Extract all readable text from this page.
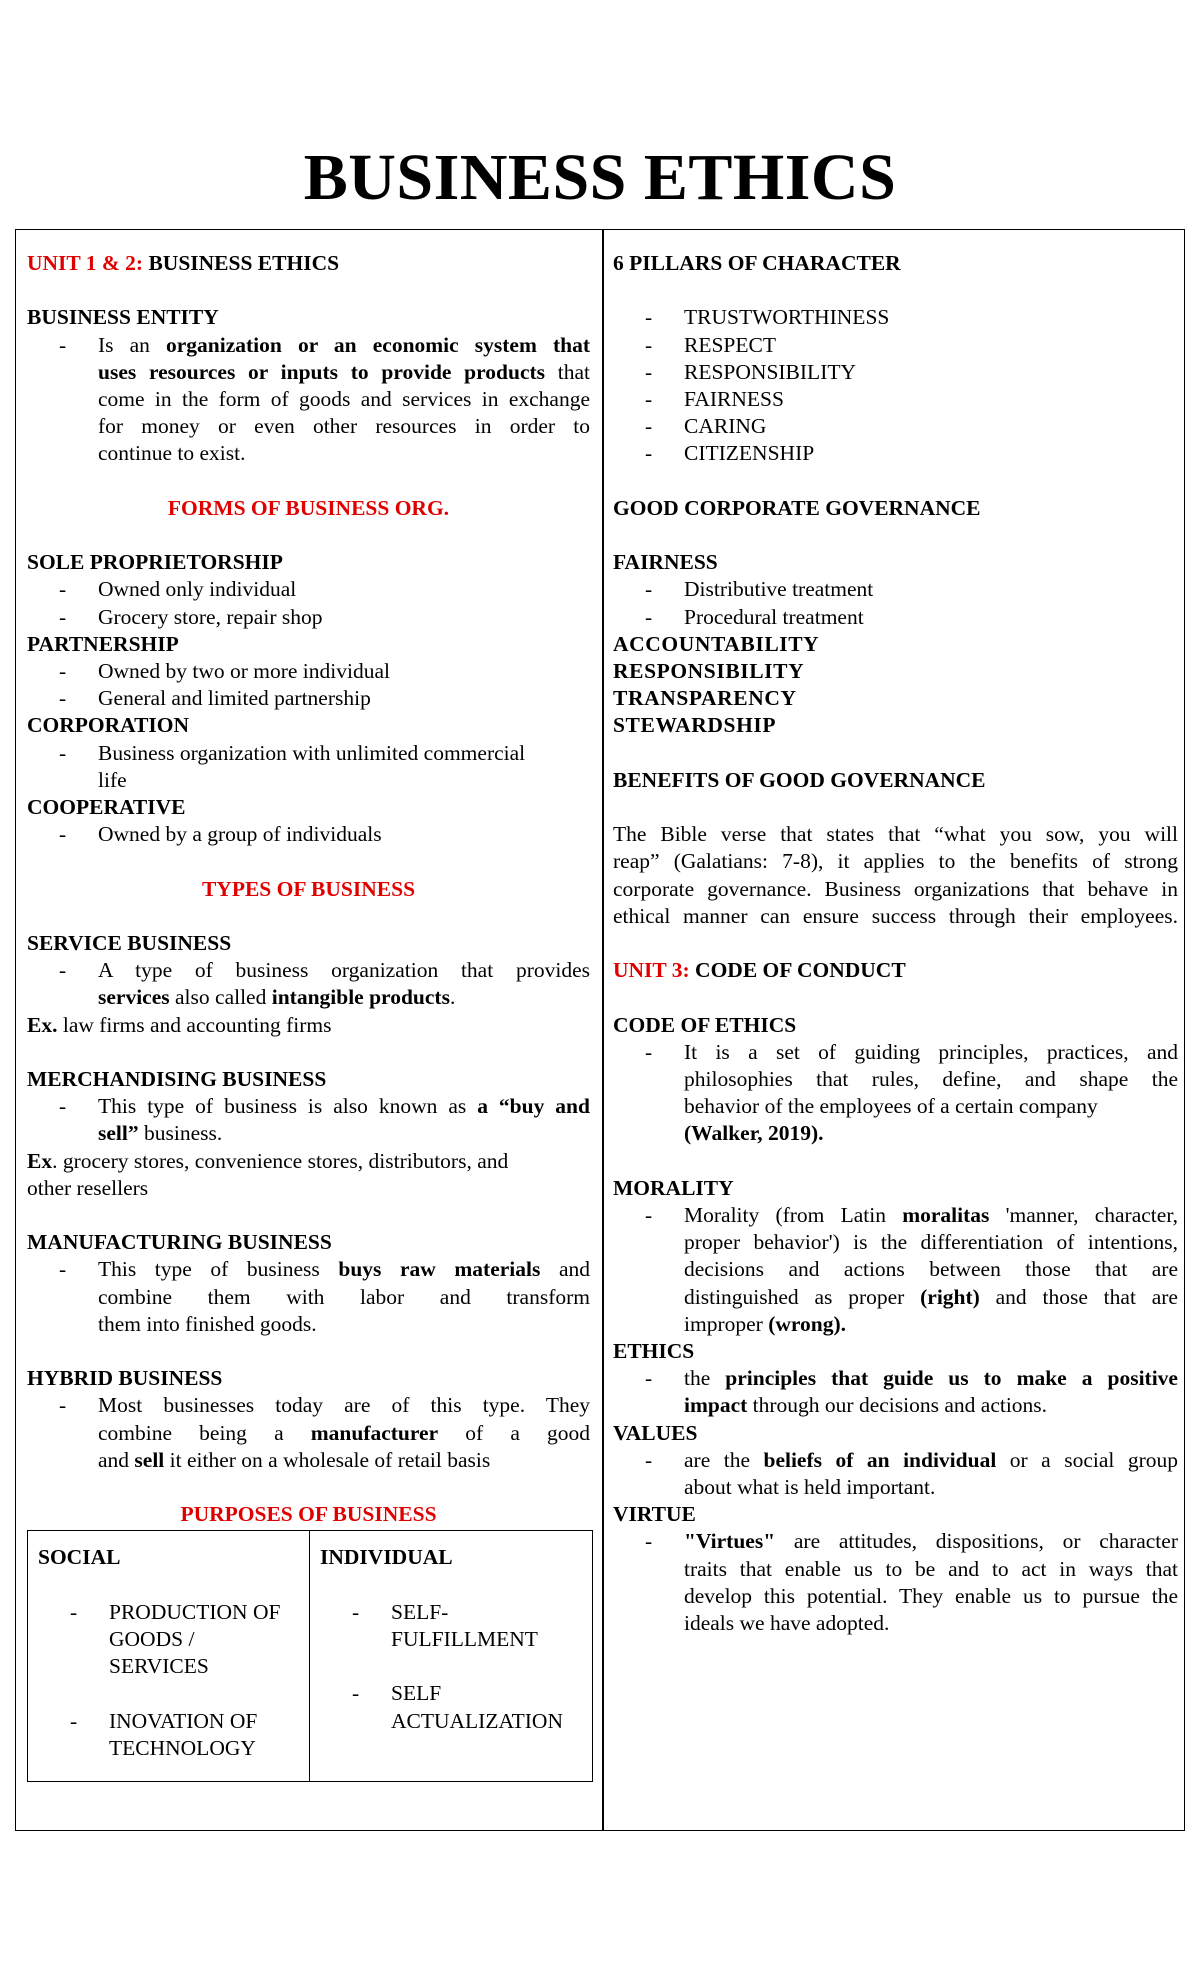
BUSINESS ETHICS

UNIT 1 & 2: BUSINESS ETHICS

BUSINESS ENTITY

- Is an organization or an economic system that
uses resources or inputs to provide products that
come in the form of goods and services in exchange
for money or even other resources in order to
continue to exist.

FORMS OF BUSINESS ORG.

SOLE PROPRIETORSHIP

- Owned only individual
- Grocery store, repair shop

PARTNERSHIP

- Owned by two or more individual
- General and limited partnership

CORPORATION

- Business organization with unlimited commercial
life

COOPERATIVE

- Owned by a group of individuals

TYPES OF BUSINESS

SERVICE BUSINESS

- A type of business organization that provides
services also called intangible products.

Ex. law firms and accounting firms

MERCHANDISING BUSINESS

- This type of business is also known as a “buy and
sell” business.

Ex. grocery stores, convenience stores, distributors, and

other resellers

MANUFACTURING BUSINESS

- This type of business buys raw materials and
combine them with labor and transform
them into finished goods.

HYBRID BUSINESS

- Most businesses today are of this type. They
combine being a manufacturer of a good
and sell it either on a wholesale of retail basis

PURPOSES OF BUSINESS

SOCIAL

- PRODUCTION OF
GOODS /
SERVICES
- INOVATION OF
TECHNOLOGY

INDIVIDUAL

- SELF-
FULFILLMENT
- SELF
ACTUALIZATION

6 PILLARS OF CHARACTER

- TRUSTWORTHINESS
- RESPECT
- RESPONSIBILITY
- FAIRNESS
- CARING
- CITIZENSHIP

GOOD CORPORATE GOVERNANCE

FAIRNESS

- Distributive treatment
- Procedural treatment

ACCOUNTABILITY

RESPONSIBILITY

TRANSPARENCY

STEWARDSHIP

BENEFITS OF GOOD GOVERNANCE

The Bible verse that states that “what you sow, you will
reap” (Galatians: 7-8), it applies to the benefits of strong
corporate governance. Business organizations that behave in
ethical manner can ensure success through their employees.

UNIT 3: CODE OF CONDUCT

CODE OF ETHICS

- It is a set of guiding principles, practices, and
philosophies that rules, define, and shape the
behavior of the employees of a certain company
(Walker, 2019).

MORALITY

- Morality (from Latin moralitas 'manner, character,
proper behavior') is the differentiation of intentions,
decisions and actions between those that are
distinguished as proper (right) and those that are
improper (wrong).

ETHICS

- the principles that guide us to make a positive
impact through our decisions and actions.

VALUES

- are the beliefs of an individual or a social group
about what is held important.

VIRTUE

- "Virtues" are attitudes, dispositions, or character
traits that enable us to be and to act in ways that
develop this potential. They enable us to pursue the
ideals we have adopted.
